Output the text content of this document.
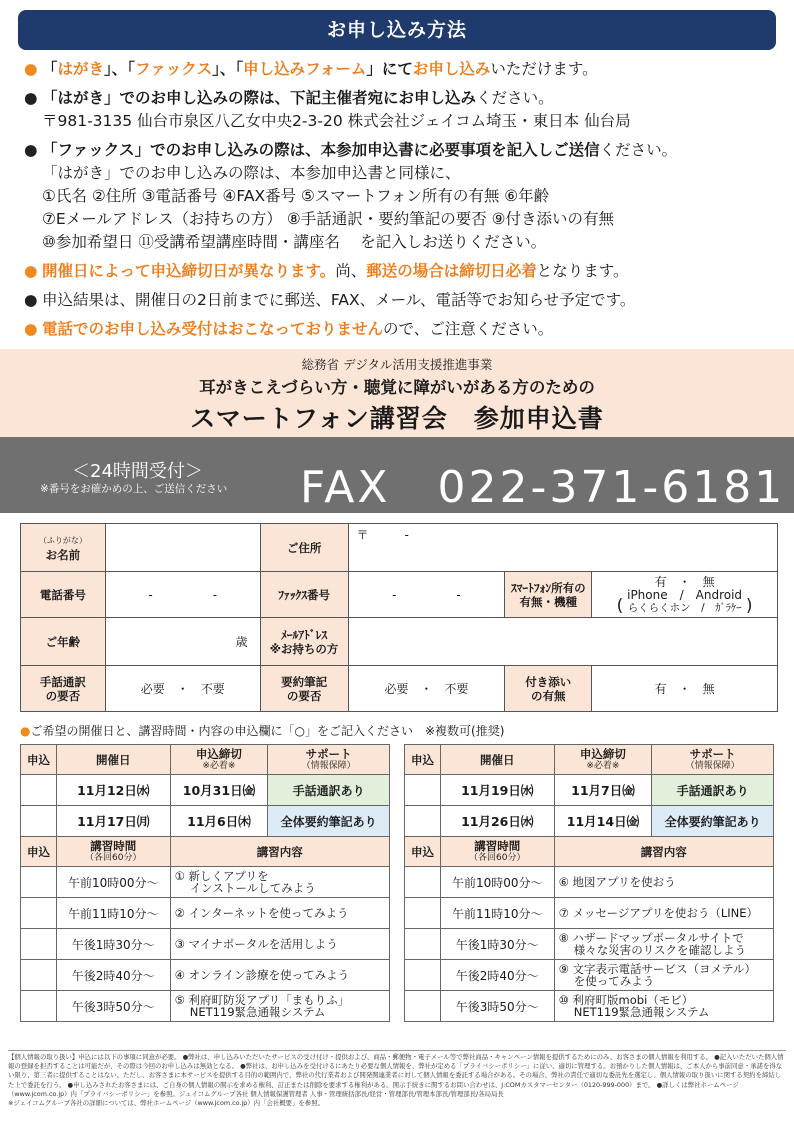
お申し込み方法
● 「はがき」、「ファックス」、「申し込みフォーム」にてお申し込みいただけます。
● 「はがき」でのお申し込みの際は、下記主催者宛にお申し込みください。
〒981-3135 仙台市泉区八乙女中央2-3-20 株式会社ジェイコム埼玉・東日本 仙台局
● 「ファックス」でのお申し込みの際は、本参加申込書に必要事項を記入しご送信ください。
「はがき」でのお申し込みの際は、本参加申込書と同様に、
①氏名 ②住所 ③電話番号 ④FAX番号 ⑤スマートフォン所有の有無 ⑥年齢
⑦Eメールアドレス（お持ちの方） ⑧手話通訳・要約筆記の要否 ⑨付き添いの有無
⑩参加希望日 ⑪受講希望講座時間・講座名 　を記入しお送りください。
● 開催日によって申込締切日が異なります。尚、郵送の場合は締切日必着となります。
● 申込結果は、開催日の2日前までに郵送、FAX、メール、電話等でお知らせ予定です。
● 電話でのお申し込み受付はおこなっておりませんので、ご注意ください。
総務省 デジタル活用支援推進事業
耳がきこえづらい方・聴覚に障がいがある方のための
スマートフォン講習会　参加申込書
＜24時間受付＞
※番号をお確かめの上、ご送信ください FAX　022-371-6181
（ふりがな）
お名前		ご住所	〒　　　-		
電話番号	-　　　　　-	ﾌｧｯｸｽ番号	-　　　　　-	ｽﾏｰﾄﾌｫﾝ所有の
有無・機種	有　・　無
( iPhone　/　Android
らくらくホン　/　ｶﾞﾗｹｰ )
ご年齢	歳	ﾒｰﾙｱﾄﾞﾚｽ
※お持ちの方			
手話通訳
の要否	必要　・　不要	要約筆記
の要否	必要　・　不要	付き添い
の有無	有　・　無
●ご希望の開催日と、講習時間・内容の申込欄に「○」をご記入ください　※複数可(推奨)
申込	開催日	申込締切
※必着※	サポート
（情報保障）

	11月12日㈬	10月31日㈮	手話通訳あり
	11月17日㈪	11月6日㈭	全体要約筆記あり
申込	講習時間
（各回60分）	講習内容	
	午前10時00分～	① 新しくアプリを
　 インストールしてみよう	
	午前11時10分～	② インターネットを使ってみよう	
	午後1時30分～	③ マイナポータルを活用しよう	
	午後2時40分～	④ オンライン診療を使ってみよう	
	午後3時50分～	⑤ 利府町防災アプリ「まもりふ」
　 NET119緊急通報システム	
申込	開催日	申込締切
※必着※	サポート
（情報保障）

	11月19日㈬	11月7日㈮	手話通訳あり
	11月26日㈬	11月14日㈮	全体要約筆記あり
申込	講習時間
（各回60分）	講習内容	
	午前10時00分～	⑥ 地図アプリを使おう	
	午前11時10分～	⑦ メッセージアプリを使おう（LINE）	
	午後1時30分～	⑧ ハザードマップポータルサイトで
　 様々な災害のリスクを確認しよう	
	午後2時40分～	⑨ 文字表示電話サービス（ヨメテル）
　 を使ってみよう	
	午後3時50分～	⑩ 利府町版mobi（モビ）
　 NET119緊急通報システム	
【個人情報の取り扱い】申込には以下の事項に同意が必要。 ●弊社は、申し込みいただいたサービスの受け付け・提供および、商品・郵便物・電子メール等で弊社商品・キャンペーン情報を提供するためにのみ、お客さまの個人情報を利用する。 ●記入いただいた個人情報の登録を拒否することは可能だが、その際は今回のお申し込みは無効となる。 ●弊社は、お申し込みを受付けるにあたり必要な個人情報を、弊社が定める「プライバシーポリシー」に従い、適切に管理する。お預かりした個人情報は、ご本人から事前同意・承諾を得ない限り、第三者に提供することはない。ただし、お客さまに本サービスを提供する目的の範囲内で、弊社の代行業者および開発関連業者に対して個人情報を委託する場合がある。その場合、弊社の責任で適切な委託先を選定し、個人情報の取り扱いに関する契約を締結した上で委託を行う。 ●申し込みされたお客さまには、ご自身の個人情報の開示を求める権利、訂正または削除を要求する権利がある。開示手続きに関するお問い合わせは、J:COMカスタマーセンター（0120-999-000）まで。 ●詳しくは弊社ホームページ（www.jcom.co.jp）内「プライバシーポリシー」を参照。ジェイコムグループ各社 個人情報保護管理者 人事・管理統括部長/経営・管理部長/管理本部長/管理部長/各局局長
※ジェイコムグループ各社の詳細については、弊社ホームページ（www.jcom.co.jp）内「会社概要」を参照。
